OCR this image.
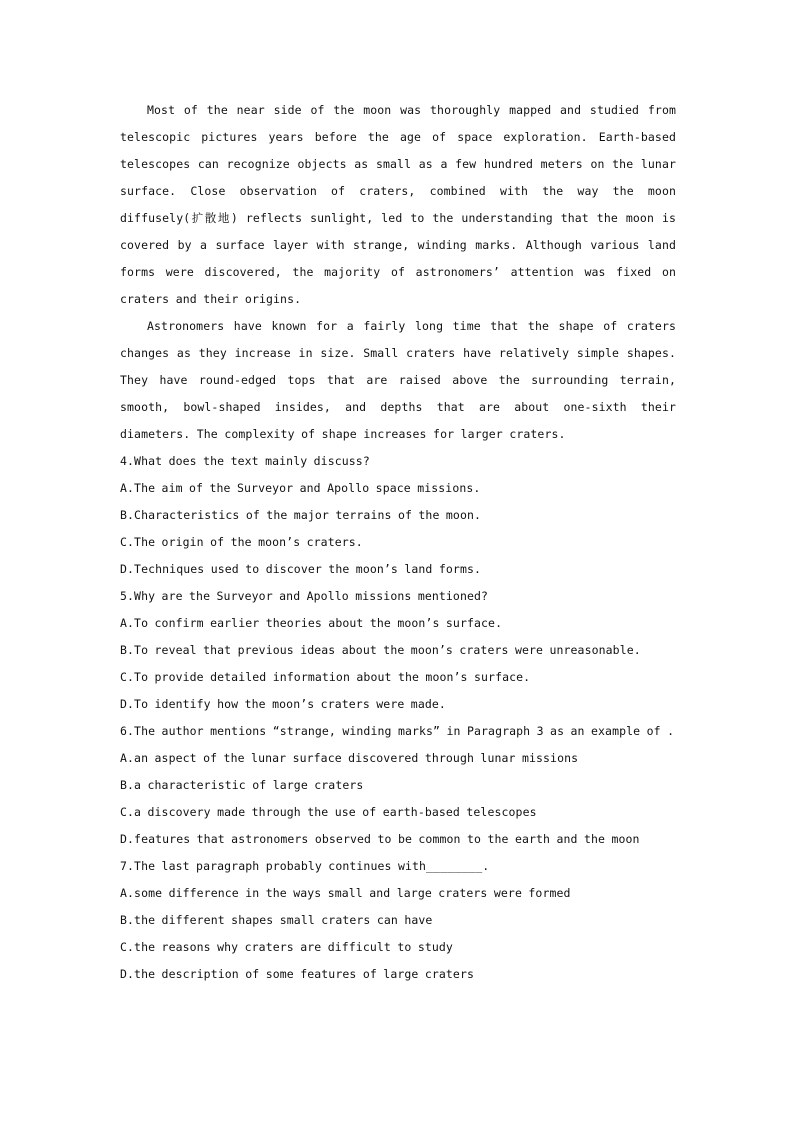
Most of the near side of the moon was thoroughly mapped and studied from telescopic pictures years before the age of space exploration. Earth-based telescopes can recognize objects as small as a few hundred meters on the lunar surface. Close observation of craters, combined with the way the moon diffusely(扩散地) reflects sunlight, led to the understanding that the moon is covered by a surface layer with strange, winding marks. Although various land forms were discovered, the majority of astronomers’ attention was fixed on craters and their origins.

Astronomers have known for a fairly long time that the shape of craters changes as they increase in size. Small craters have relatively simple shapes. They have round-edged tops that are raised above the surrounding terrain, smooth, bowl-shaped insides, and depths that are about one-sixth their diameters. The complexity of shape increases for larger craters.

4.What does the text mainly discuss?

A.The aim of the Surveyor and Apollo space missions.

B.Characteristics of the major terrains of the moon.

C.The origin of the moon’s craters.

D.Techniques used to discover the moon’s land forms.

5.Why are the Surveyor and Apollo missions mentioned?

A.To confirm earlier theories about the moon’s surface.

B.To reveal that previous ideas about the moon’s craters were unreasonable.

C.To provide detailed information about the moon’s surface.

D.To identify how the moon’s craters were made.

6.The author mentions “strange, winding marks” in Paragraph 3 as an example of .

A.an aspect of the lunar surface discovered through lunar missions

B.a characteristic of large craters

C.a discovery made through the use of earth-based telescopes

D.features that astronomers observed to be common to the earth and the moon

7.The last paragraph probably continues with________.

A.some difference in the ways small and large craters were formed

B.the different shapes small craters can have

C.the reasons why craters are difficult to study

D.the description of some features of large craters
